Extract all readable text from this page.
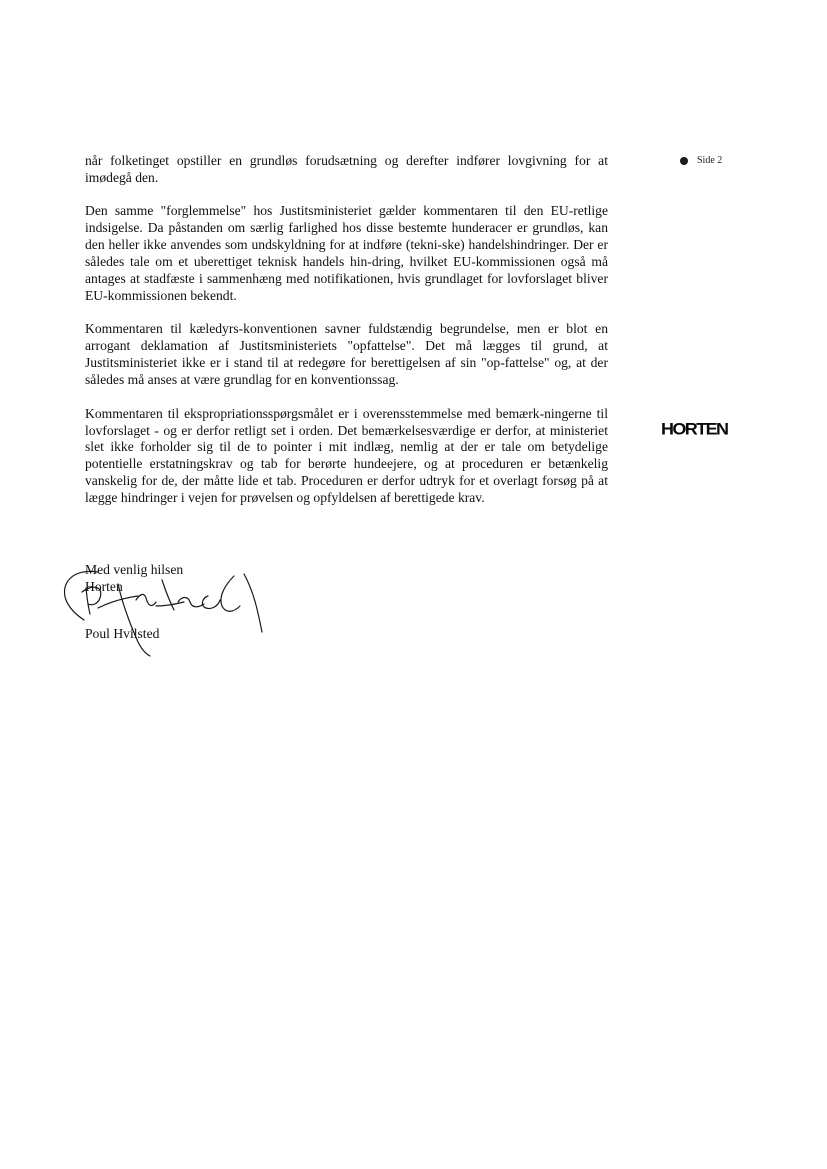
Side 2
HORTEN

når folketinget opstiller en grundløs forudsætning og derefter indfører lovgivning for at imødegå den.

Den samme "forglemmelse" hos Justitsministeriet gælder kommentaren til den EU-retlige indsigelse. Da påstanden om særlig farlighed hos disse bestemte hunderacer er grundløs, kan den heller ikke anvendes som undskyldning for at indføre (tekni-ske) handelshindringer. Der er således tale om et uberettiget teknisk handels hin-dring, hvilket EU-kommissionen også må antages at stadfæste i sammenhæng med notifikationen, hvis grundlaget for lovforslaget bliver EU-kommissionen bekendt.

Kommentaren til kæledyrs-konventionen savner fuldstændig begrundelse, men er blot en arrogant deklamation af Justitsministeriets "opfattelse". Det må lægges til grund, at Justitsministeriet ikke er i stand til at redegøre for berettigelsen af sin "op-fattelse" og, at der således må anses at være grundlag for en konventionssag.

Kommentaren til ekspropriationsspørgsmålet er i overensstemmelse med bemærk-ningerne til lovforslaget - og er derfor retligt set i orden. Det bemærkelsesværdige er derfor, at ministeriet slet ikke forholder sig til de to pointer i mit indlæg, nemlig at der er tale om betydelige potentielle erstatningskrav og tab for berørte hundeejere, og at proceduren er betænkelig vanskelig for de, der måtte lide et tab. Proceduren er derfor udtryk for et overlagt forsøg på at lægge hindringer i vejen for prøvelsen og opfyldelsen af berettigede krav.

Med venlig hilsen
Horten
Poul Hvilsted
